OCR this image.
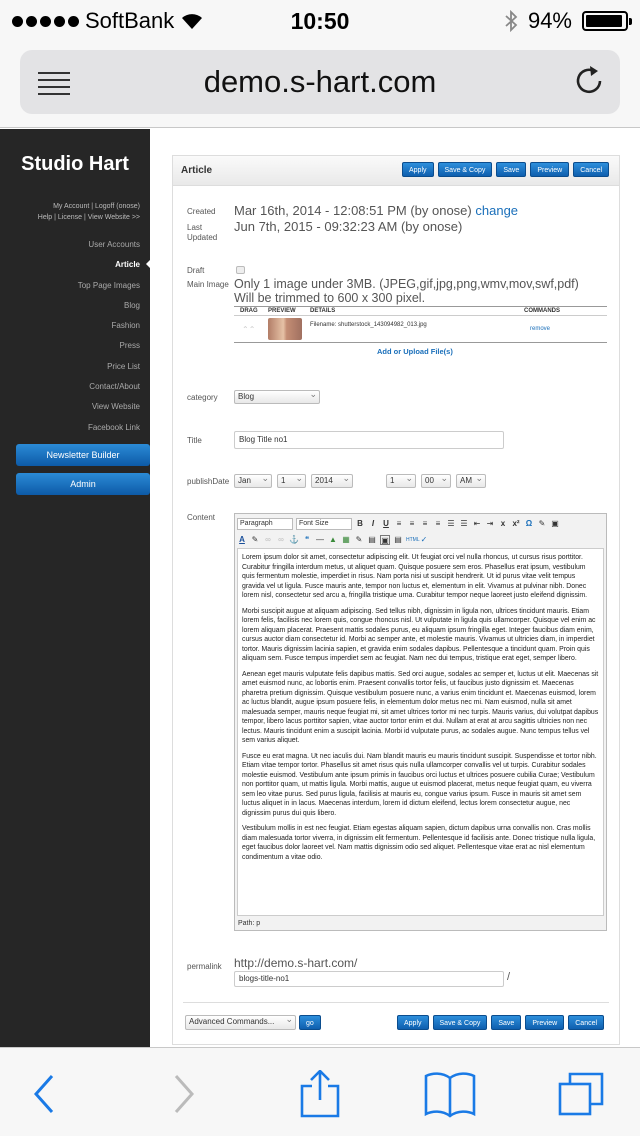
SoftBank	10:50	94%
demo.s-hart.com
Studio Hart
My Account | Logoff (onose)
Help | License | View Website >>
User Accounts
Article
Top Page Images
Blog
Fashion
Press
Price List
Contact/About
View Website
Facebook Link
Newsletter Builder
Admin
Article	Apply	Save & Copy	Save	Preview	Cancel
Created Mar 16th, 2014 - 12:08:51 PM (by onose) change
Last
Updated
Jun 7th, 2015 - 09:32:23 AM (by onose)
Draft
Main Image Only 1 image under 3MB. (JPEG,gif,jpg,png,wmv,mov,swf,pdf)
Will be trimmed to 600 x 300 pixel.
DRAG	PREVIEW	DETAILS	COMMANDS
⌃⌃	Filename: shutterstock_143094982_013.jpg
remove
Add or Upload File(s)
category	Blog ⌄
Title	Blog Title no1
publishDate	Jan ⌄	1 ⌄	2014 ⌄	1 ⌄	00 ⌄	AM ⌄
Content
Paragraph	Font Size	B	I	U ≡	≡	≡	≡ ☰ ☰ ⇤ ⇥ x x² Ω ✎ ▣
A ✎ ∞ ∞ ⚓ ❝ — ▲ ▦ ✎ ▤ ▣ ▤ HTML ✓

Lorem ipsum dolor sit amet, consectetur adipiscing elit. Ut feugiat orci vel nulla rhoncus, ut cursus risus porttitor. Curabitur fringilla interdum metus, ut aliquet quam. Quisque posuere sem eros. Phasellus erat ipsum, vestibulum quis fermentum molestie, imperdiet in risus. Nam porta nisi ut suscipit hendrerit. Ut id purus vitae velit tempus gravida vel ut ligula. Fusce mauris ante, tempor non luctus et, elementum in elit. Vivamus at pulvinar nibh. Donec lorem nisl, consectetur sed arcu a, fringilla tristique urna. Curabitur tempor neque laoreet justo eleifend dignissim.

Morbi suscipit augue at aliquam adipiscing. Sed tellus nibh, dignissim in ligula non, ultrices tincidunt mauris. Etiam lorem felis, facilisis nec lorem quis, congue rhoncus nisl. Ut vulputate in ligula quis ullamcorper. Quisque vel enim ac lorem aliquam placerat. Praesent mattis sodales purus, eu aliquam ipsum fringilla eget. Integer faucibus diam enim, cursus auctor diam consectetur id. Morbi ac semper ante, et molestie mauris. Vivamus ut ultricies diam, in imperdiet tortor. Mauris dignissim lacinia sapien, et gravida enim sodales dapibus. Pellentesque a tincidunt quam. Proin quis aliquam sem. Fusce tempus imperdiet sem ac feugiat. Nam nec dui tempus, tristique erat eget, semper libero.

Aenean eget mauris vulputate felis dapibus mattis. Sed orci augue, sodales ac semper et, luctus ut elit. Maecenas sit amet euismod nunc, ac lobortis enim. Praesent convallis tortor felis, ut faucibus justo dignissim et. Maecenas pharetra pretium dignissim. Quisque vestibulum posuere nunc, a varius enim tincidunt et. Maecenas euismod, lorem ac luctus blandit, augue ipsum posuere felis, in elementum dolor metus nec mi. Nam euismod, nulla sit amet malesuada semper, mauris neque feugiat mi, sit amet ultrices tortor mi nec turpis. Mauris varius, dui volutpat dapibus tempor, libero lacus porttitor sapien, vitae auctor tortor enim et dui. Nullam at erat at arcu sagittis ultricies non nec lectus. Mauris tincidunt enim a suscipit lacinia. Morbi id vulputate purus, ac sodales augue. Nunc tempus tellus vel sem varius aliquet.

Fusce eu erat magna. Ut nec iaculis dui. Nam blandit mauris eu mauris tincidunt suscipit. Suspendisse et tortor nibh. Etiam vitae tempor tortor. Phasellus sit amet risus quis nulla ullamcorper convallis vel ut turpis. Curabitur sodales molestie euismod. Vestibulum ante ipsum primis in faucibus orci luctus et ultrices posuere cubilia Curae; Vestibulum non porttitor quam, ut mattis ligula. Morbi mattis, augue ut euismod placerat, metus neque feugiat quam, eu viverra sem leo vitae purus. Sed purus ligula, facilisis at mauris eu, congue varius ipsum. Fusce in mauris sit amet sem luctus aliquet in in lacus. Maecenas interdum, lorem id dictum eleifend, lectus lorem consectetur augue, nec dignissim purus dui quis libero.

Vestibulum mollis in est nec feugiat. Etiam egestas aliquam sapien, dictum dapibus urna convallis non. Cras mollis diam malesuada tortor viverra, in dignissim elit fermentum. Pellentesque id facilisis ante. Donec tristique nulla ligula, eget faucibus dolor laoreet vel. Nam mattis dignissim odio sed aliquet. Pellentesque vitae erat ac nisl elementum condimentum a vitae odio.

Path: p
permalink http://demo.s-hart.com/
blogs-title-no1	/
Advanced Commands... ⌄	go	Apply	Save & Copy	Save	Preview	Cancel
